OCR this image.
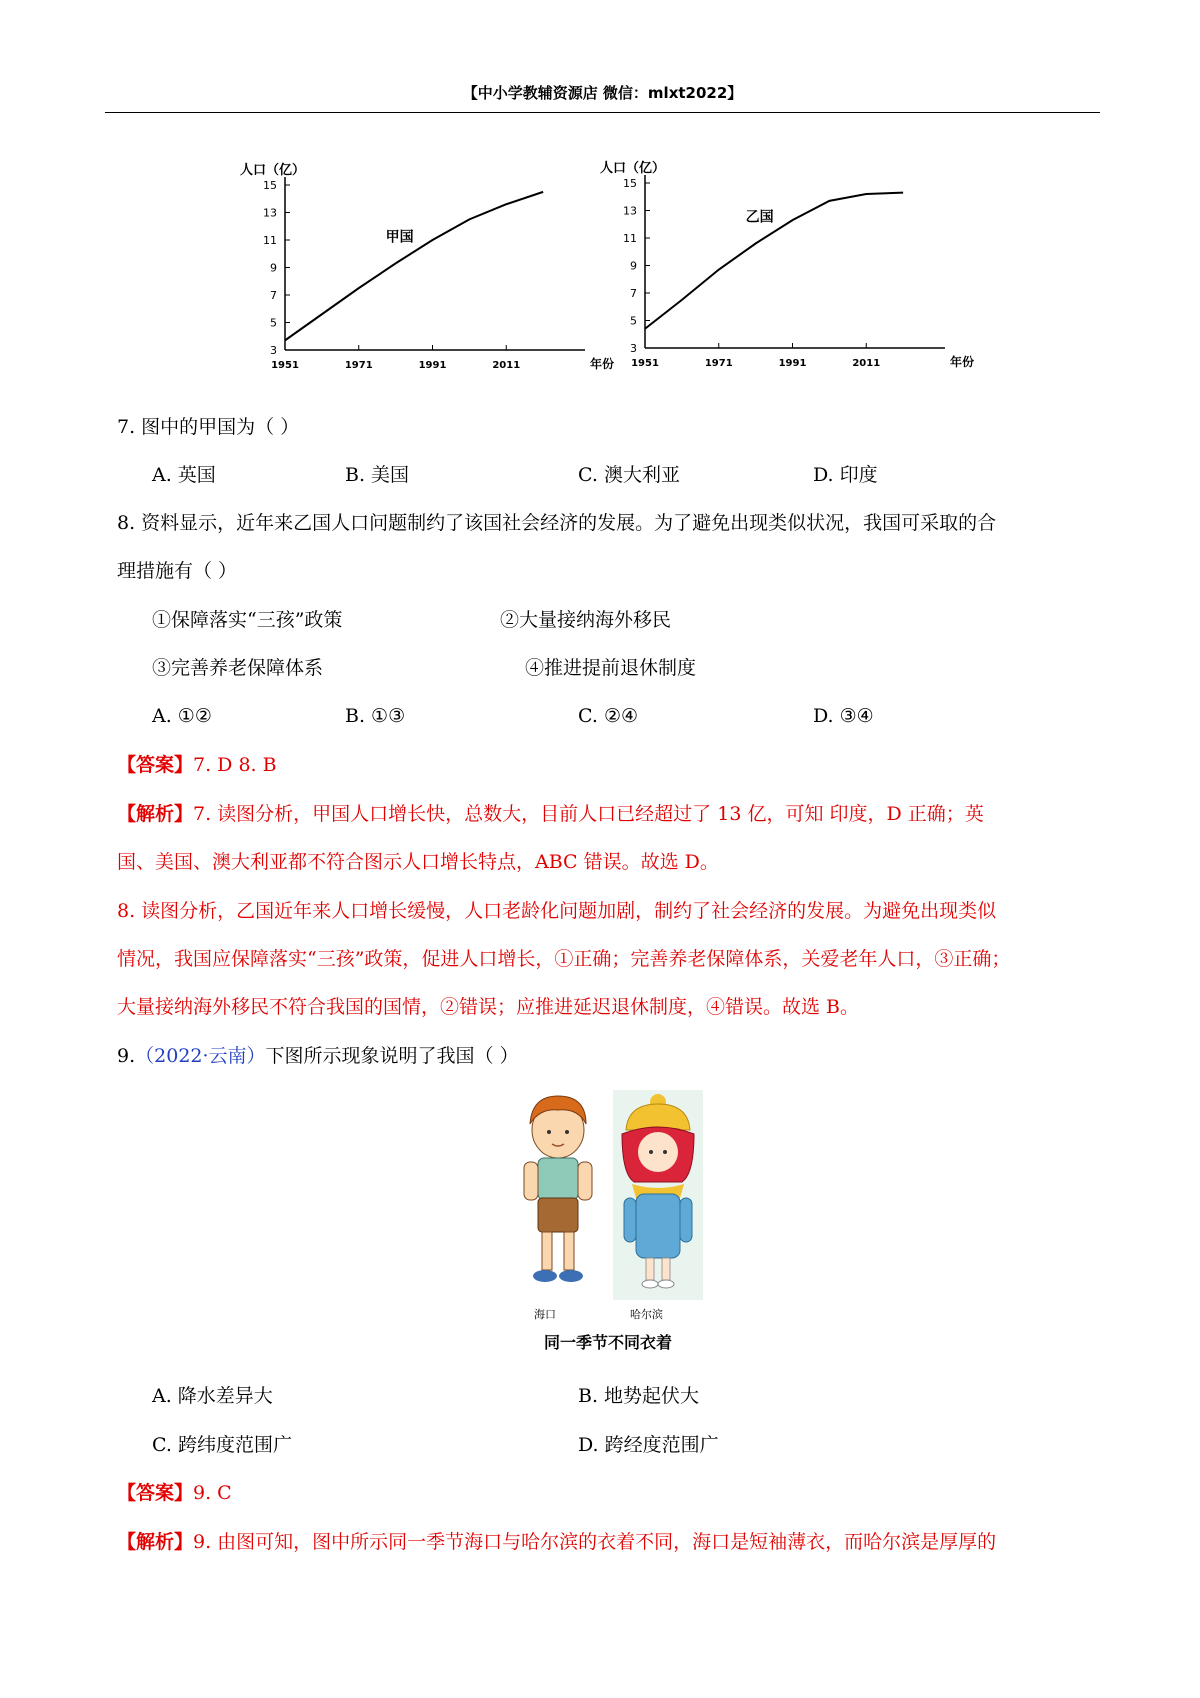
【中小学教辅资源店 微信：mlxt2022】
人口（亿）
15
13
11
9
7
5
3
1951	1971	1991	2011	年份
甲国
人口（亿）
15
13
11
9
7
5
3
1951	1971	1991	2011	年份
乙国
7. 图中的甲国为（ ）
A. 英国	B. 美国	C. 澳大利亚	D. 印度
8. 资料显示，近年来乙国人口问题制约了该国社会经济的发展。为了避免出现类似状况，我国可采取的合
理措施有（ ）
①保障落实“三孩”政策	②大量接纳海外移民
③完善养老保障体系	④推进提前退休制度
A. ①②	B. ①③	C. ②④	D. ③④
【答案】7. D 8. B
【解析】7. 读图分析，甲国人口增长快，总数大，目前人口已经超过了 13 亿，可知 印度，D 正确；英
国、美国、澳大利亚都不符合图示人口增长特点，ABC 错误。故选 D。
8. 读图分析，乙国近年来人口增长缓慢，人口老龄化问题加剧，制约了社会经济的发展。为避免出现类似
情况，我国应保障落实“三孩”政策，促进人口增长，①正确；完善养老保障体系，关爱老年人口，③正确；
大量接纳海外移民不符合我国的国情，②错误；应推进延迟退休制度，④错误。故选 B。
9.（2022·云南）下图所示现象说明了我国（ ）
海口	哈尔滨
同一季节不同衣着
A. 降水差异大	B. 地势起伏大
C. 跨纬度范围广	D. 跨经度范围广
【答案】9. C
【解析】9. 由图可知，图中所示同一季节海口与哈尔滨的衣着不同，海口是短袖薄衣，而哈尔滨是厚厚的
